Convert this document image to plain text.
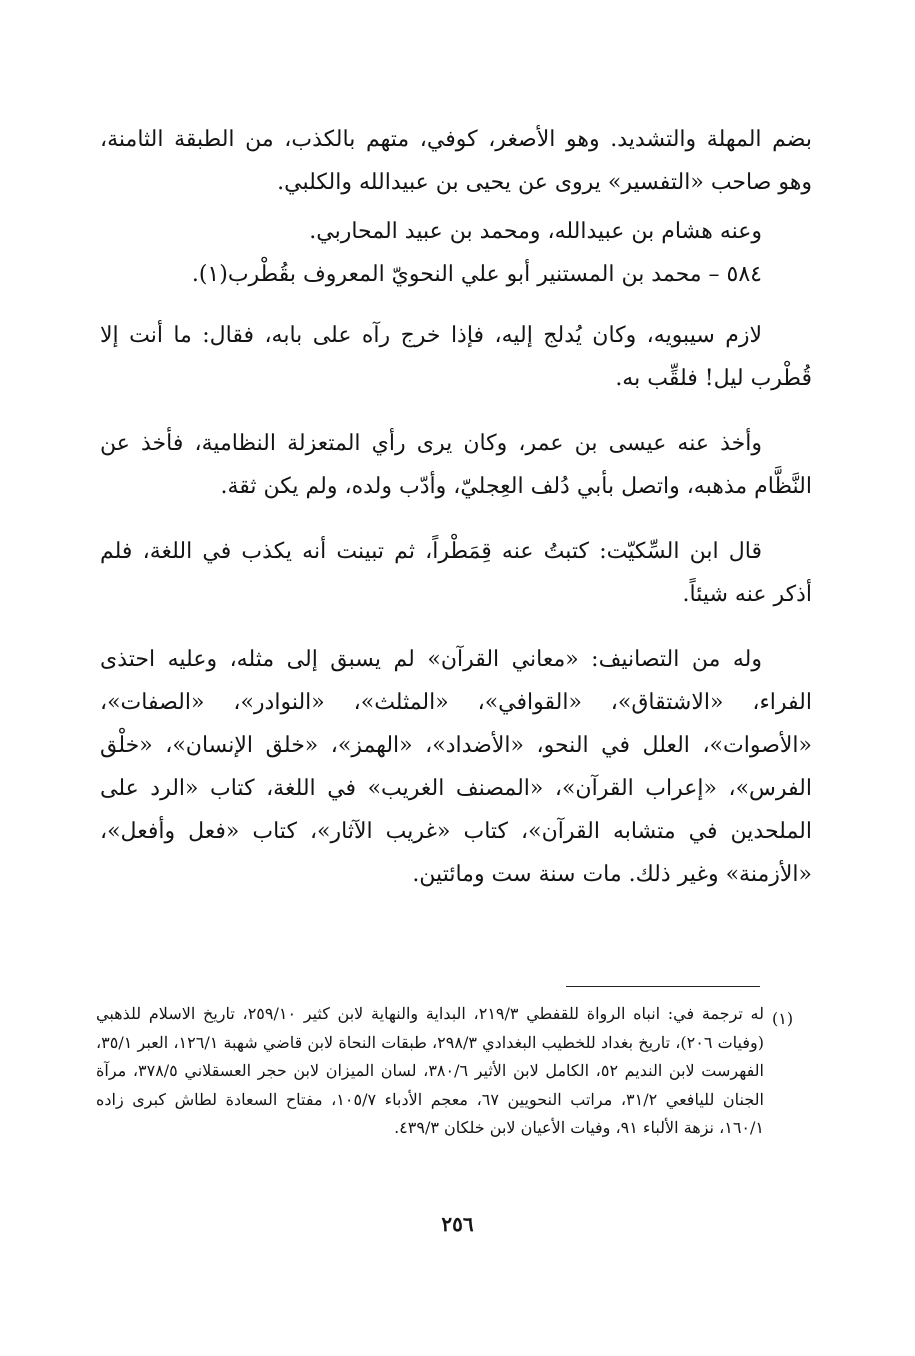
بضم المهلة والتشديد. وهو الأصغر، كوفي، متهم بالكذب، من الطبقة الثامنة، وهو صاحب «التفسير» يروى عن يحيى بن عبيدالله والكلبي.

وعنه هشام بن عبيدالله، ومحمد بن عبيد المحاربي.

٥٨٤ – محمد بن المستنير أبو علي النحويّ المعروف بقُطْرب(١).

لازم سيبويه، وكان يُدلج إليه، فإذا خرج رآه على بابه، فقال: ما أنت إلا قُطْرب ليل! فلقِّب به.

وأخذ عنه عيسى بن عمر، وكان يرى رأي المتعزلة النظامية، فأخذ عن النَّظَّام مذهبه، واتصل بأبي دُلف العِجليّ، وأدّب ولده، ولم يكن ثقة.

قال ابن السِّكيّت: كتبتُ عنه قِمَطْراً، ثم تبينت أنه يكذب في اللغة، فلم أذكر عنه شيئاً.

وله من التصانيف: «معاني القرآن» لم يسبق إلى مثله، وعليه احتذى الفراء، «الاشتقاق»، «القوافي»، «المثلث»، «النوادر»، «الصفات»، «الأصوات»، العلل في النحو، «الأضداد»، «الهمز»، «خلق الإنسان»، «خلْق الفرس»، «إعراب القرآن»، «المصنف الغريب» في اللغة، كتاب «الرد على الملحدين في متشابه القرآن»، كتاب «غريب الآثار»، كتاب «فعل وأفعل»، «الأزمنة» وغير ذلك. مات سنة ست ومائتين.

(١)
له ترجمة في: انباه الرواة للقفطي ٢١٩/٣، البداية والنهاية لابن كثير ٢٥٩/١٠، تاريخ الاسلام للذهبي (وفيات ٢٠٦)، تاريخ بغداد للخطيب البغدادي ٢٩٨/٣، طبقات النحاة لابن قاضي شهبة ١٢٦/١، العبر ٣٥/١، الفهرست لابن النديم ٥٢، الكامل لابن الأثير ٣٨٠/٦، لسان الميزان لابن حجر العسقلاني ٣٧٨/٥، مرآة الجنان لليافعي ٣١/٢، مراتب النحويين ٦٧، معجم الأدباء ١٠٥/٧، مفتاح السعادة لطاش كبرى زاده ١٦٠/١، نزهة الألباء ٩١، وفيات الأعيان لابن خلكان ٤٣٩/٣.
٢٥٦
